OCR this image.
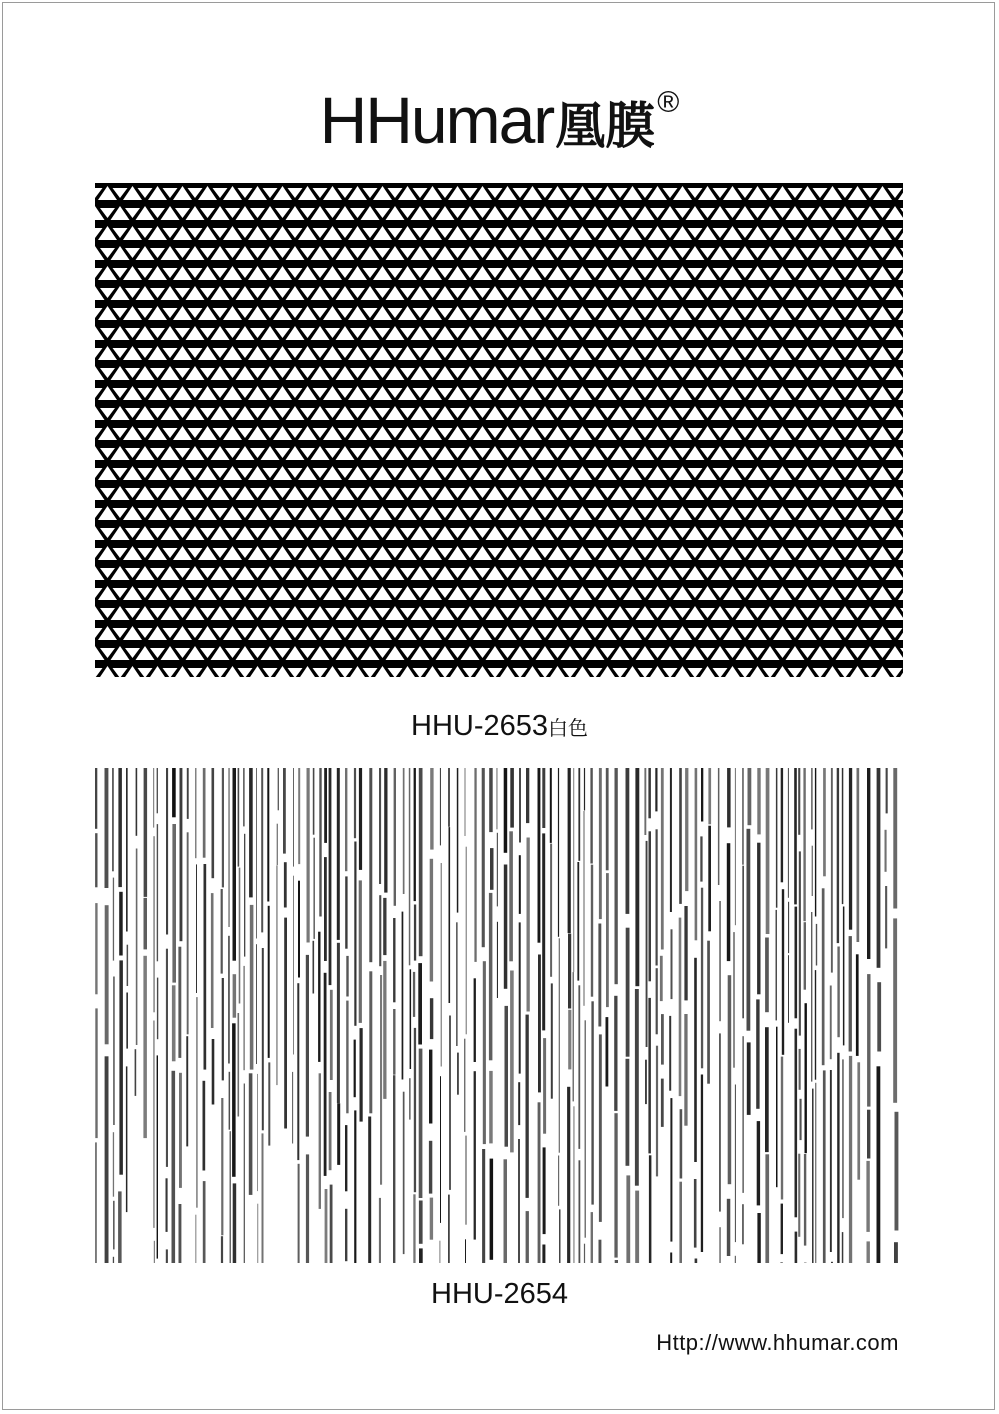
HHumar凰膜®
HHU-2653白色
HHU-2654
Http://www.hhumar.com
